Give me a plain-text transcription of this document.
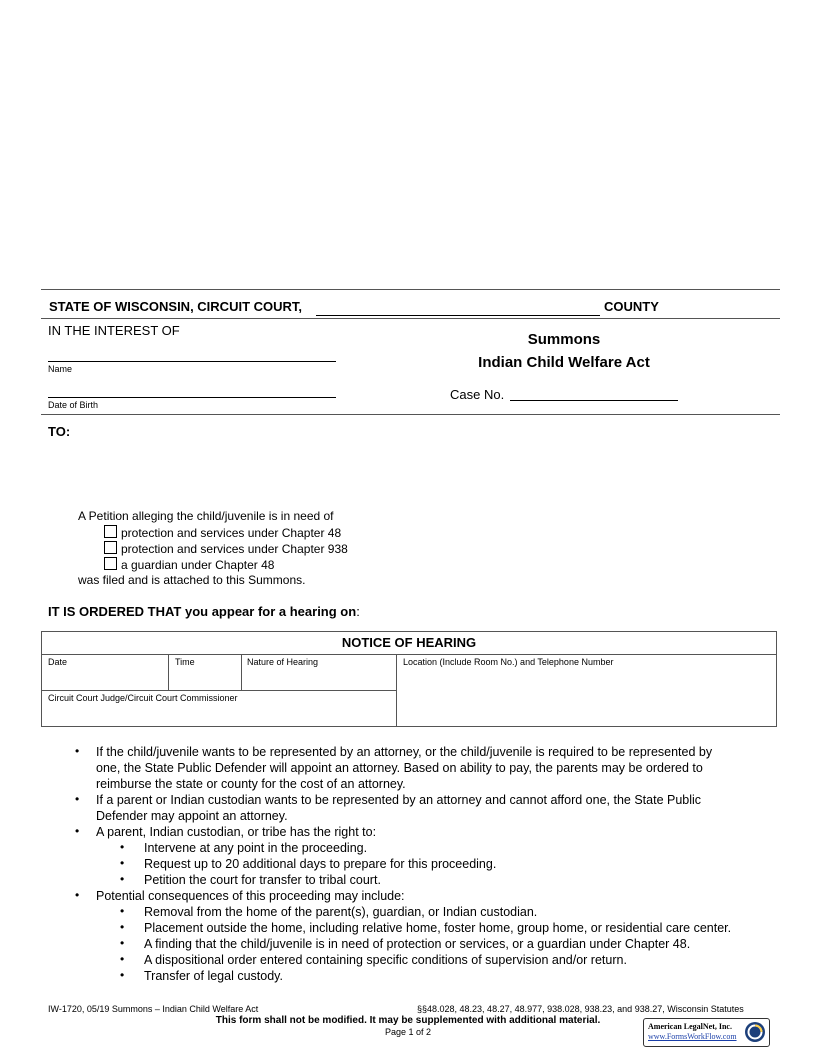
STATE OF WISCONSIN, CIRCUIT COURT,	COUNTY
IN THE INTEREST OF
Name
Date of Birth
Summons
Indian Child Welfare Act
Case No.
TO:
A Petition alleging the child/juvenile is in need of
protection and services under Chapter 48
protection and services under Chapter 938
a guardian under Chapter 48
was filed and is attached to this Summons.
IT IS ORDERED THAT you appear for a hearing on:
NOTICE OF HEARING
Date	Time	Nature of Hearing	Location (Include Room No.) and Telephone Number
Circuit Court Judge/Circuit Court Commissioner
• If the child/juvenile wants to be represented by an attorney, or the child/juvenile is required to be represented by
one, the State Public Defender will appoint an attorney. Based on ability to pay, the parents may be ordered to
reimburse the state or county for the cost of an attorney.
• If a parent or Indian custodian wants to be represented by an attorney and cannot afford one, the State Public
Defender may appoint an attorney.
• A parent, Indian custodian, or tribe has the right to:
• Intervene at any point in the proceeding.
• Request up to 20 additional days to prepare for this proceeding.
• Petition the court for transfer to tribal court.
• Potential consequences of this proceeding may include:
• Removal from the home of the parent(s), guardian, or Indian custodian.
• Placement outside the home, including relative home, foster home, group home, or residential care center.
• A finding that the child/juvenile is in need of protection or services, or a guardian under Chapter 48.
• A dispositional order entered containing specific conditions of supervision and/or return.
• Transfer of legal custody.
IW-1720, 05/19 Summons – Indian Child Welfare Act	§§48.028, 48.23, 48.27, 48.977, 938.028, 938.23, and 938.27, Wisconsin Statutes
This form shall not be modified. It may be supplemented with additional material.
Page 1 of 2
American LegalNet, Inc.
www.FormsWorkFlow.com
